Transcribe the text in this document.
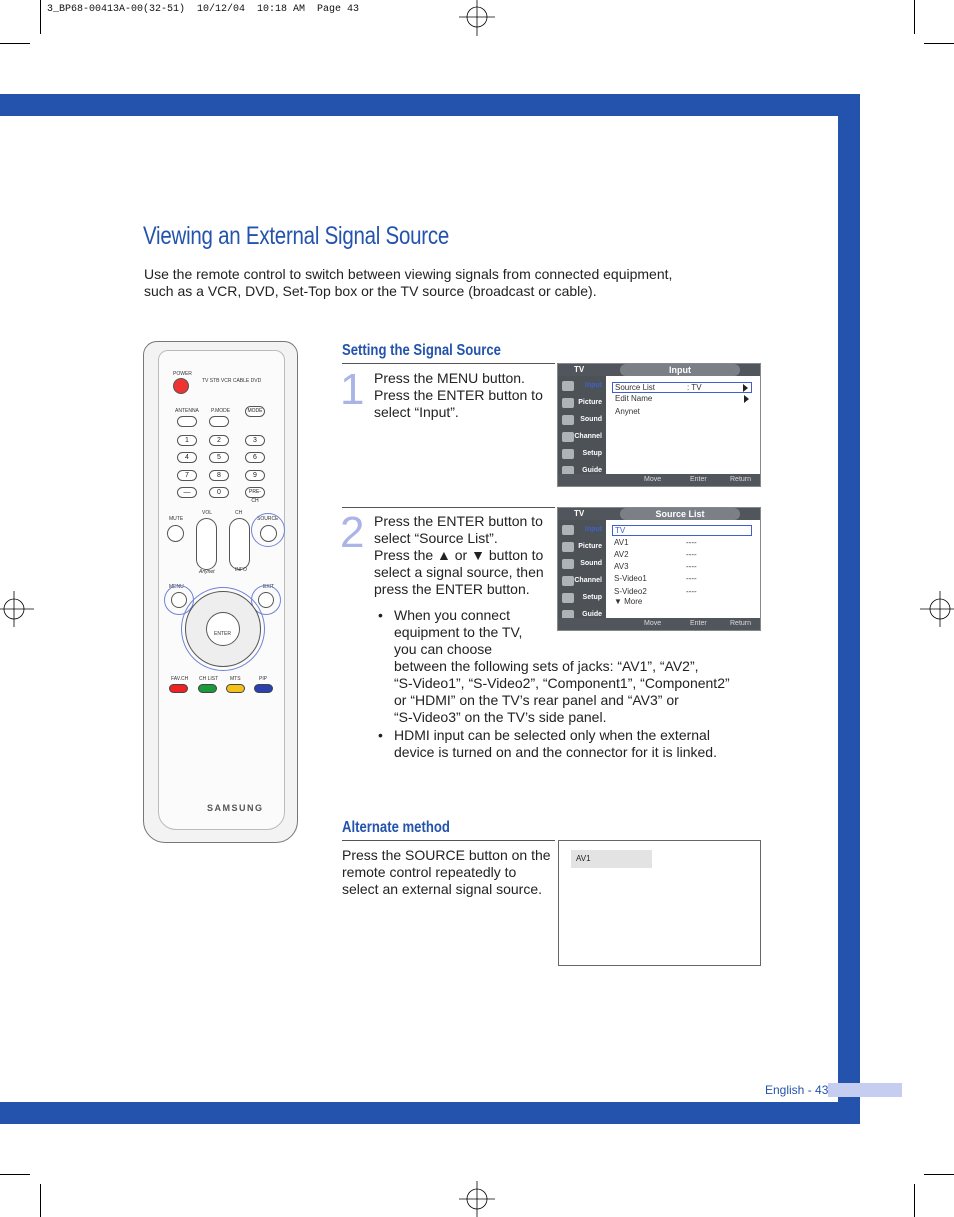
3_BP68-00413A-00(32-51)  10/12/04  10:18 AM  Page 43
English - 43
Viewing an External Signal Source
Use the remote control to switch between viewing signals from connected equipment,
such as a VCR, DVD, Set-Top box or the TV source (broadcast or cable).
POWER
TV STB VCR CABLE DVD
ANTENNA P.MODE	MODE
1	2	3
4	5	6
7	8	9
—	0	PRE-CH
MUTE
VOL	CH
SOURCE
Anynet	INFO
MENU	EXIT
ENTER
FAV.CH CH LIST MTS	PIP
SAMSUNG
Setting the Signal Source
1 Press the MENU button.

Press the ENTER button to

select “Input”.

2 Press the ENTER button to

select “Source List”.

Press the ▲ or ▼ button to

select a signal source, then

press the ENTER button.

• When you connect
equipment to the TV,
you can choose
between the following sets of jacks: “AV1”, “AV2”,
“S-Video1”, “S-Video2”, “Component1”, “Component2”
or “HDMI” on the TV’s rear panel and “AV3” or
“S-Video3” on the TV’s side panel.
• HDMI input can be selected only when the external
device is turned on and the connector for it is linked.
TV	Input
Input
Picture
Sound
Channel
Setup
Guide
Source List	: TV
Edit Name
Anynet
Move	Enter	Return
TV	Source List
Input
Picture
Sound
Channel
Setup
Guide
TV
AV1	----
AV2	----
AV3	----
S-Video1	----
S-Video2	----
▼ More
Move	Enter	Return
Alternate method

Press the SOURCE button on the

remote control repeatedly to

select an external signal source.

AV1
